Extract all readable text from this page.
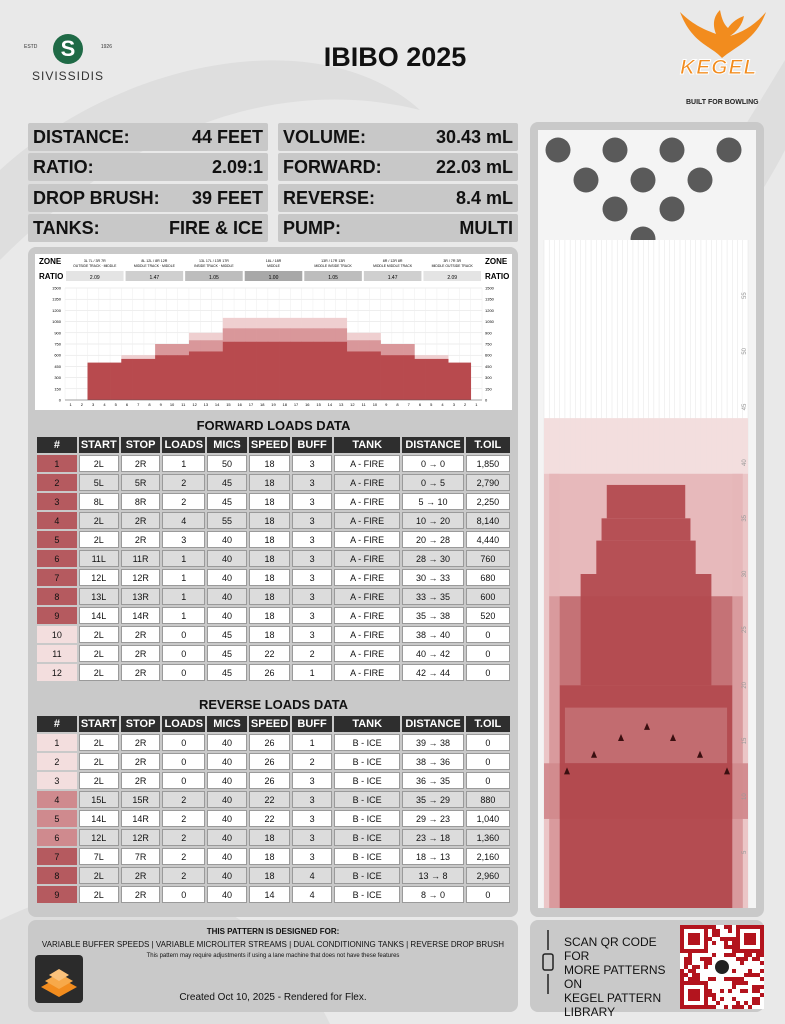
S
ESTD	1926
SIVISSIDIS
IBIBO 2025	KEGEL
BUILT FOR BOWLING
DISTANCE:	44 FEET
RATIO:	2.09:1
DROP BRUSH: 39 FEET
TANKS:	FIRE & ICE
VOLUME:	30.43 mL
FORWARD:	22.03 mL
REVERSE:	8.4 mL
PUMP:	MULTI
ZONE
RATIO
ZONE
RATIO
3L 7L / 3R 7R
OUTSIDE TRACK · MIDDLE
2.09
8L 12L / 8R 12R
MIDDLE TRACK · MIDDLE
1.47
13L 17L / 13R 17R
INSIDE TRACK · MIDDLE
1.05
18L / 18R
MIDDLE
1.00
13R / 17R 13R
MIDDLE INSIDE TRACK
1.05
8R / 12R 8R
MIDDLE MIDDLE TRACK
1.47
3R / 7R 3R
MIDDLE OUTSIDE TRACK
2.09
0	0
150	150
300	300
450	450
600	600
750	750
900	900
1050	1050
1200	1200
1350	1350
1500	1500
1 2 3 4 5 6 7 8 9 10 11 12 13 14 15 16 17 18 19 18 17 16 15 14 13 12 11 10 9 8 7 6 5 4 3 2 1
FORWARD LOADS DATA
#	START	STOP	LOADS	MICS	SPEED	BUFF	TANK	DISTANCE	T.OIL
1	2L	2R	1	50	18	3	A - FIRE	0 → 0	1,850
2	5L	5R	2	45	18	3	A - FIRE	0 → 5	2,790
3	8L	8R	2	45	18	3	A - FIRE	5 → 10	2,250
4	2L	2R	4	55	18	3	A - FIRE	10 → 20	8,140
5	2L	2R	3	40	18	3	A - FIRE	20 → 28	4,440
6	11L	11R	1	40	18	3	A - FIRE	28 → 30	760
7	12L	12R	1	40	18	3	A - FIRE	30 → 33	680
8	13L	13R	1	40	18	3	A - FIRE	33 → 35	600
9	14L	14R	1	40	18	3	A - FIRE	35 → 38	520
10	2L	2R	0	45	18	3	A - FIRE	38 → 40	0
11	2L	2R	0	45	22	2	A - FIRE	40 → 42	0
12	2L	2R	0	45	26	1	A - FIRE	42 → 44	0
REVERSE LOADS DATA
#	START	STOP	LOADS	MICS	SPEED	BUFF	TANK	DISTANCE	T.OIL
1	2L	2R	0	40	26	1	B - ICE	39 → 38	0
2	2L	2R	0	40	26	2	B - ICE	38 → 36	0
3	2L	2R	0	40	26	3	B - ICE	36 → 35	0
4	15L	15R	2	40	22	3	B - ICE	35 → 29	880
5	14L	14R	2	40	22	3	B - ICE	29 → 23	1,040
6	12L	12R	2	40	18	3	B - ICE	23 → 18	1,360
7	7L	7R	2	40	18	3	B - ICE	18 → 13	2,160
8	2L	2R	2	40	18	4	B - ICE	13 → 8	2,960
9	2L	2R	0	40	14	4	B - ICE	8 → 0	0
55
50
45
40
35
30
25
20
15
10
5
THIS PATTERN IS DESIGNED FOR:
VARIABLE BUFFER SPEEDS | VARIABLE MICROLITER STREAMS | DUAL CONDITIONING TANKS | REVERSE DROP BRUSH
This pattern may require adjustments if using a lane machine that does not have these features
Created Oct 10, 2025 - Rendered for Flex.
SCAN QR CODE FOR
MORE PATTERNS ON
KEGEL PATTERN
LIBRARY
